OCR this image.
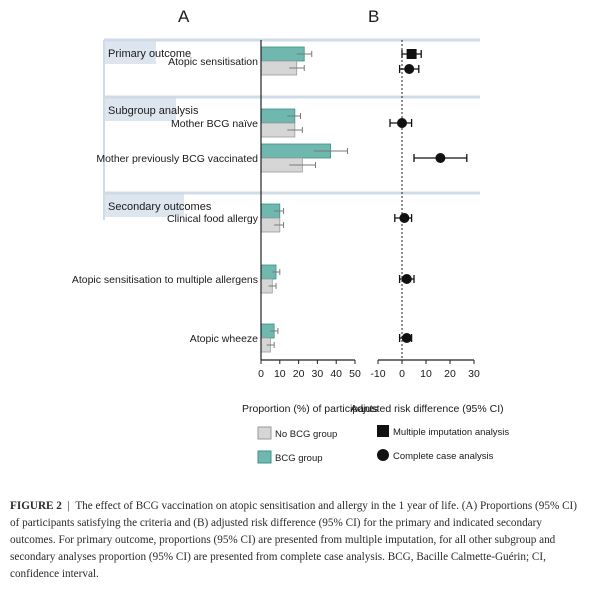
A	B
Primary outcome
Subgroup analysis
Secondary outcomes
Atopic sensitisation
Mother BCG naïve
Mother previously BCG vaccinated
Clinical food allergy
Atopic sensitisation to multiple allergens
Atopic wheeze
0 10 20 30 40 50 -10 0 10 20 30
Proportion (%) of participants
Adjusted risk difference (95% CI)
No BCG group
BCG group
Multiple imputation analysis
Complete case analysis

FIGURE 2 | The effect of BCG vaccination on atopic sensitisation and allergy in the 1 year of life. (A) Proportions (95% CI) of participants satisfying the criteria and (B) adjusted risk difference (95% CI) for the primary and indicated secondary outcomes. For primary outcome, proportions (95% CI) are presented from multiple imputation, for all other subgroup and secondary analyses proportion (95% CI) are presented from complete case analysis. BCG, Bacille Calmette-Guérin; CI, confidence interval.
